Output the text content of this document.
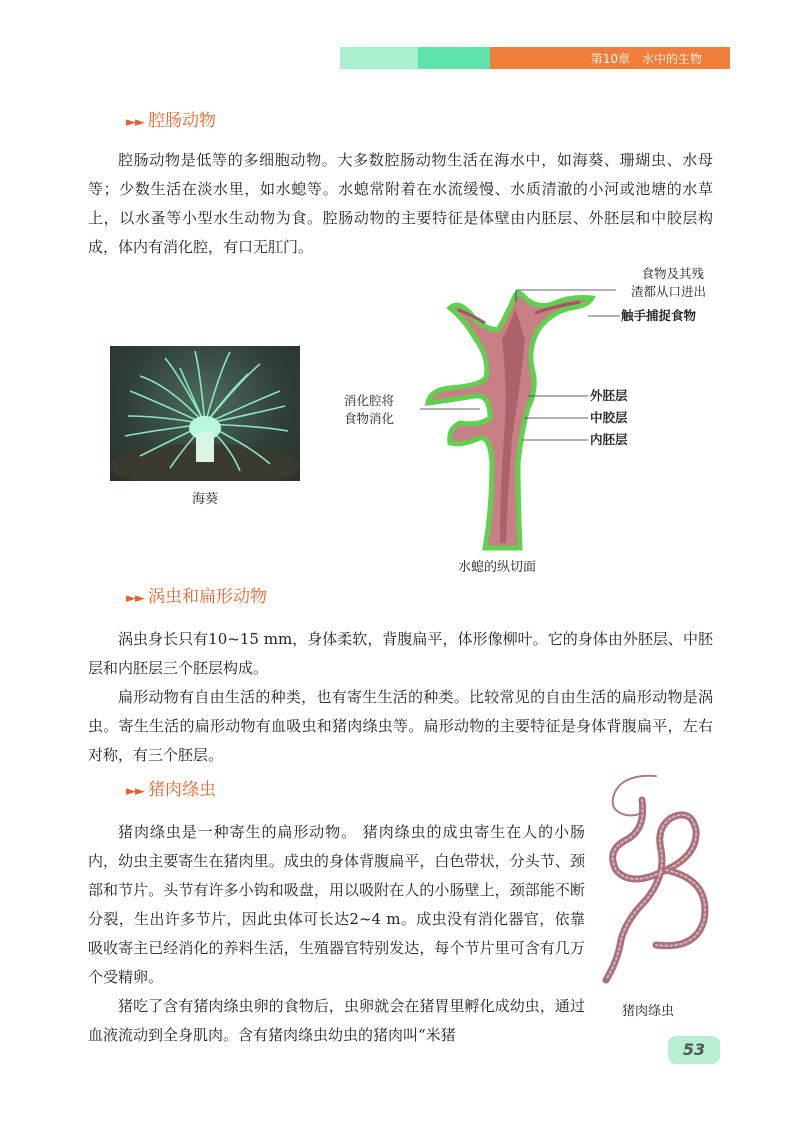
第10章　水中的生物
►► 腔肠动物
腔肠动物是低等的多细胞动物。大多数腔肠动物生活在海水中，如海葵、珊瑚虫、水母等；少数生活在淡水里，如水螅等。水螅常附着在水流缓慢、水质清澈的小河或池塘的水草上，以水蚤等小型水生动物为食。腔肠动物的主要特征是体壁由内胚层、外胚层和中胶层构成，体内有消化腔，有口无肛门。
海葵
食物及其残
渣都从口进出
触手捕捉食物
消化腔将
食物消化
外胚层
中胶层
内胚层
水螅的纵切面
►► 涡虫和扁形动物
涡虫身长只有10~15 mm，身体柔软，背腹扁平，体形像柳叶。它的身体由外胚层、中胚层和内胚层三个胚层构成。
扁形动物有自由生活的种类，也有寄生生活的种类。比较常见的自由生活的扁形动物是涡虫。寄生生活的扁形动物有血吸虫和猪肉绦虫等。扁形动物的主要特征是身体背腹扁平，左右对称，有三个胚层。
►► 猪肉绦虫
猪肉绦虫是一种寄生的扁形动物。 猪肉绦虫的成虫寄生在人的小肠内，幼虫主要寄生在猪肉里。成虫的身体背腹扁平，白色带状，分头节、颈部和节片。头节有许多小钩和吸盘，用以吸附在人的小肠壁上，颈部能不断分裂，生出许多节片，因此虫体可长达2~4 m。成虫没有消化器官，依靠吸收寄主已经消化的养料生活，生殖器官特别发达，每个节片里可含有几万个受精卵。
猪吃了含有猪肉绦虫卵的食物后，虫卵就会在猪胃里孵化成幼虫，通过血液流动到全身肌肉。含有猪肉绦虫幼虫的猪肉叫“米猪
猪肉绦虫
53
